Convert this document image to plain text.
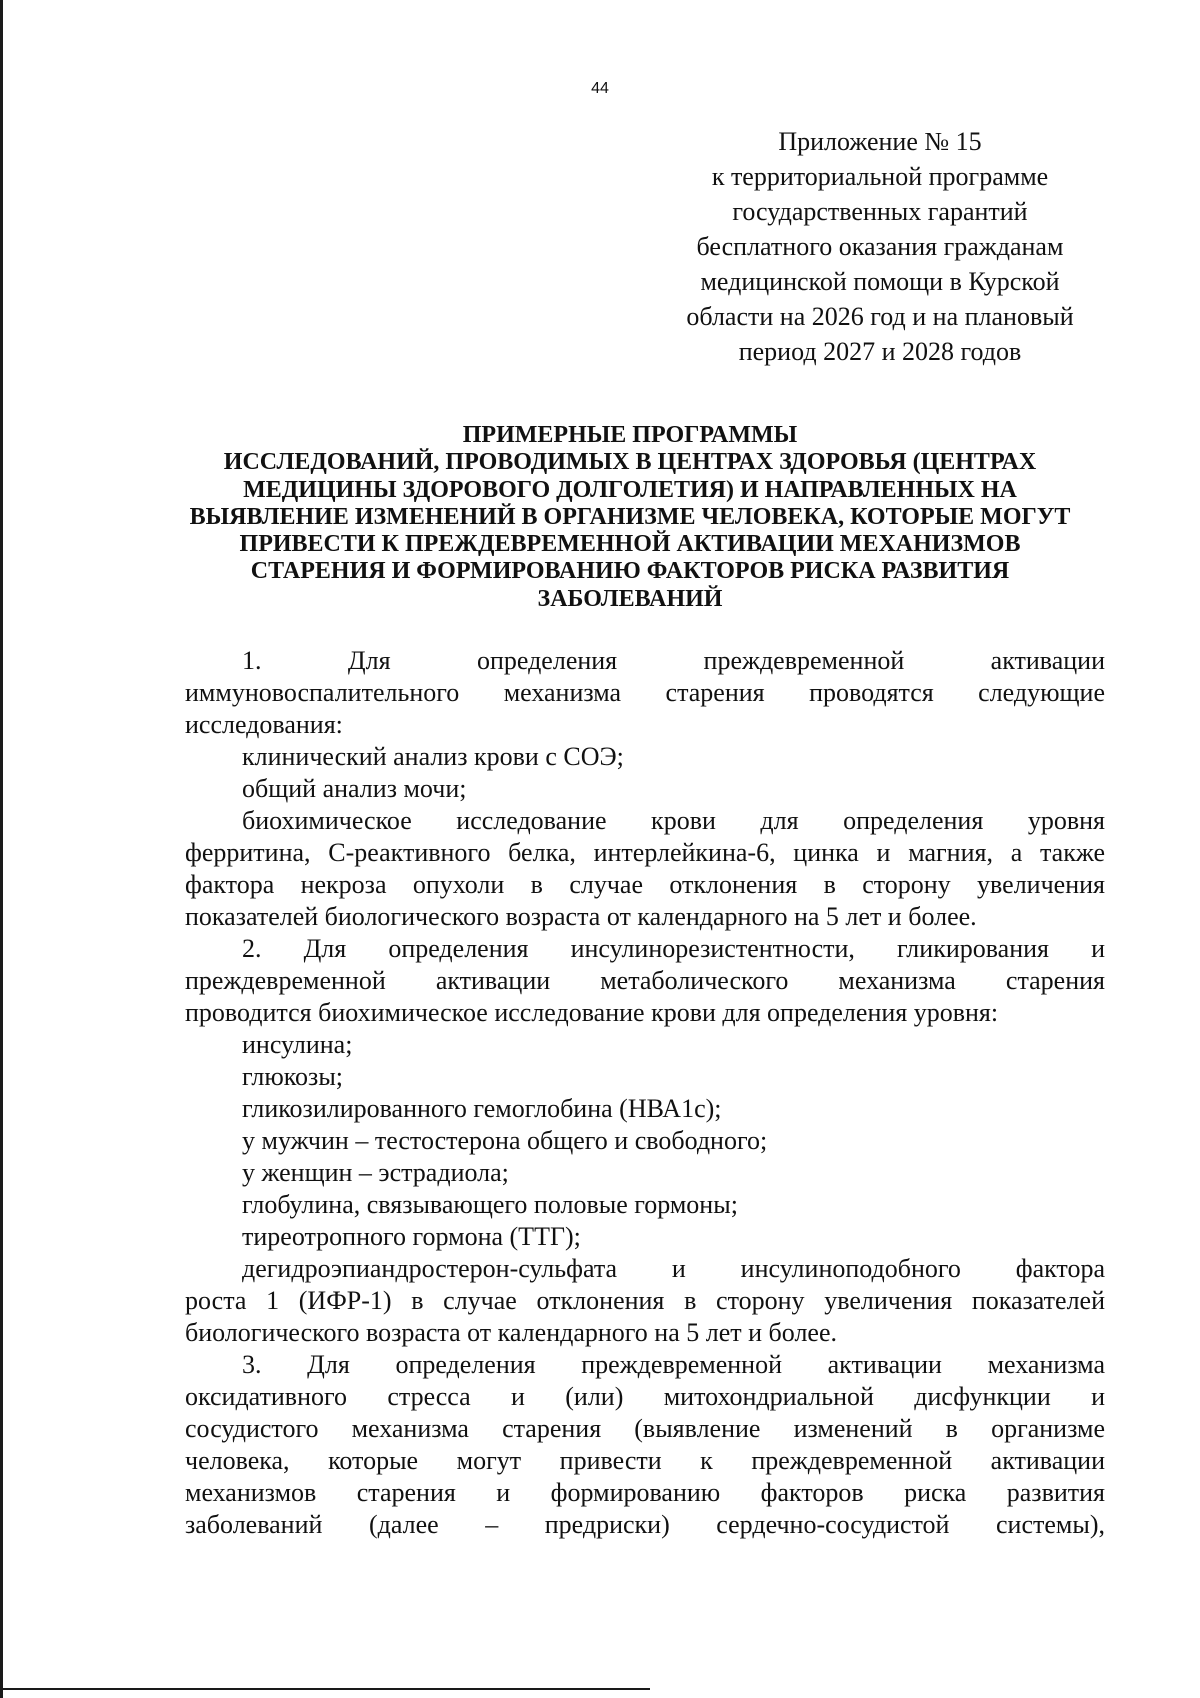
44
Приложение № 15
к территориальной программе
государственных гарантий
бесплатного оказания гражданам
медицинской помощи в Курской
области на 2026 год и на плановый
период 2027 и 2028 годов
ПРИМЕРНЫЕ ПРОГРАММЫ
ИССЛЕДОВАНИЙ, ПРОВОДИМЫХ В ЦЕНТРАХ ЗДОРОВЬЯ (ЦЕНТРАХ
МЕДИЦИНЫ ЗДОРОВОГО ДОЛГОЛЕТИЯ) И НАПРАВЛЕННЫХ НА
ВЫЯВЛЕНИЕ ИЗМЕНЕНИЙ В ОРГАНИЗМЕ ЧЕЛОВЕКА, КОТОРЫЕ МОГУТ
ПРИВЕСТИ К ПРЕЖДЕВРЕМЕННОЙ АКТИВАЦИИ МЕХАНИЗМОВ
СТАРЕНИЯ И ФОРМИРОВАНИЮ ФАКТОРОВ РИСКА РАЗВИТИЯ
ЗАБОЛЕВАНИЙ
1. Для определения преждевременной активации
иммуновоспалительного механизма старения проводятся следующие
исследования:
клинический анализ крови с СОЭ;
общий анализ мочи;
биохимическое исследование крови для определения уровня
ферритина, С-реактивного белка, интерлейкина-6, цинка и магния, а также
фактора некроза опухоли в случае отклонения в сторону увеличения
показателей биологического возраста от календарного на 5 лет и более.
2. Для определения инсулинорезистентности, гликирования и
преждевременной активации метаболического механизма старения
проводится биохимическое исследование крови для определения уровня:
инсулина;
глюкозы;
гликозилированного гемоглобина (НВА1с);
у мужчин – тестостерона общего и свободного;
у женщин – эстрадиола;
глобулина, связывающего половые гормоны;
тиреотропного гормона (ТТГ);
дегидроэпиандростерон-сульфата и инсулиноподобного фактора
роста 1 (ИФР-1) в случае отклонения в сторону увеличения показателей
биологического возраста от календарного на 5 лет и более.
3. Для определения преждевременной активации механизма
оксидативного стресса и (или) митохондриальной дисфункции и
сосудистого механизма старения (выявление изменений в организме
человека, которые могут привести к преждевременной активации
механизмов старения и формированию факторов риска развития
заболеваний (далее – предриски) сердечно-сосудистой системы),
